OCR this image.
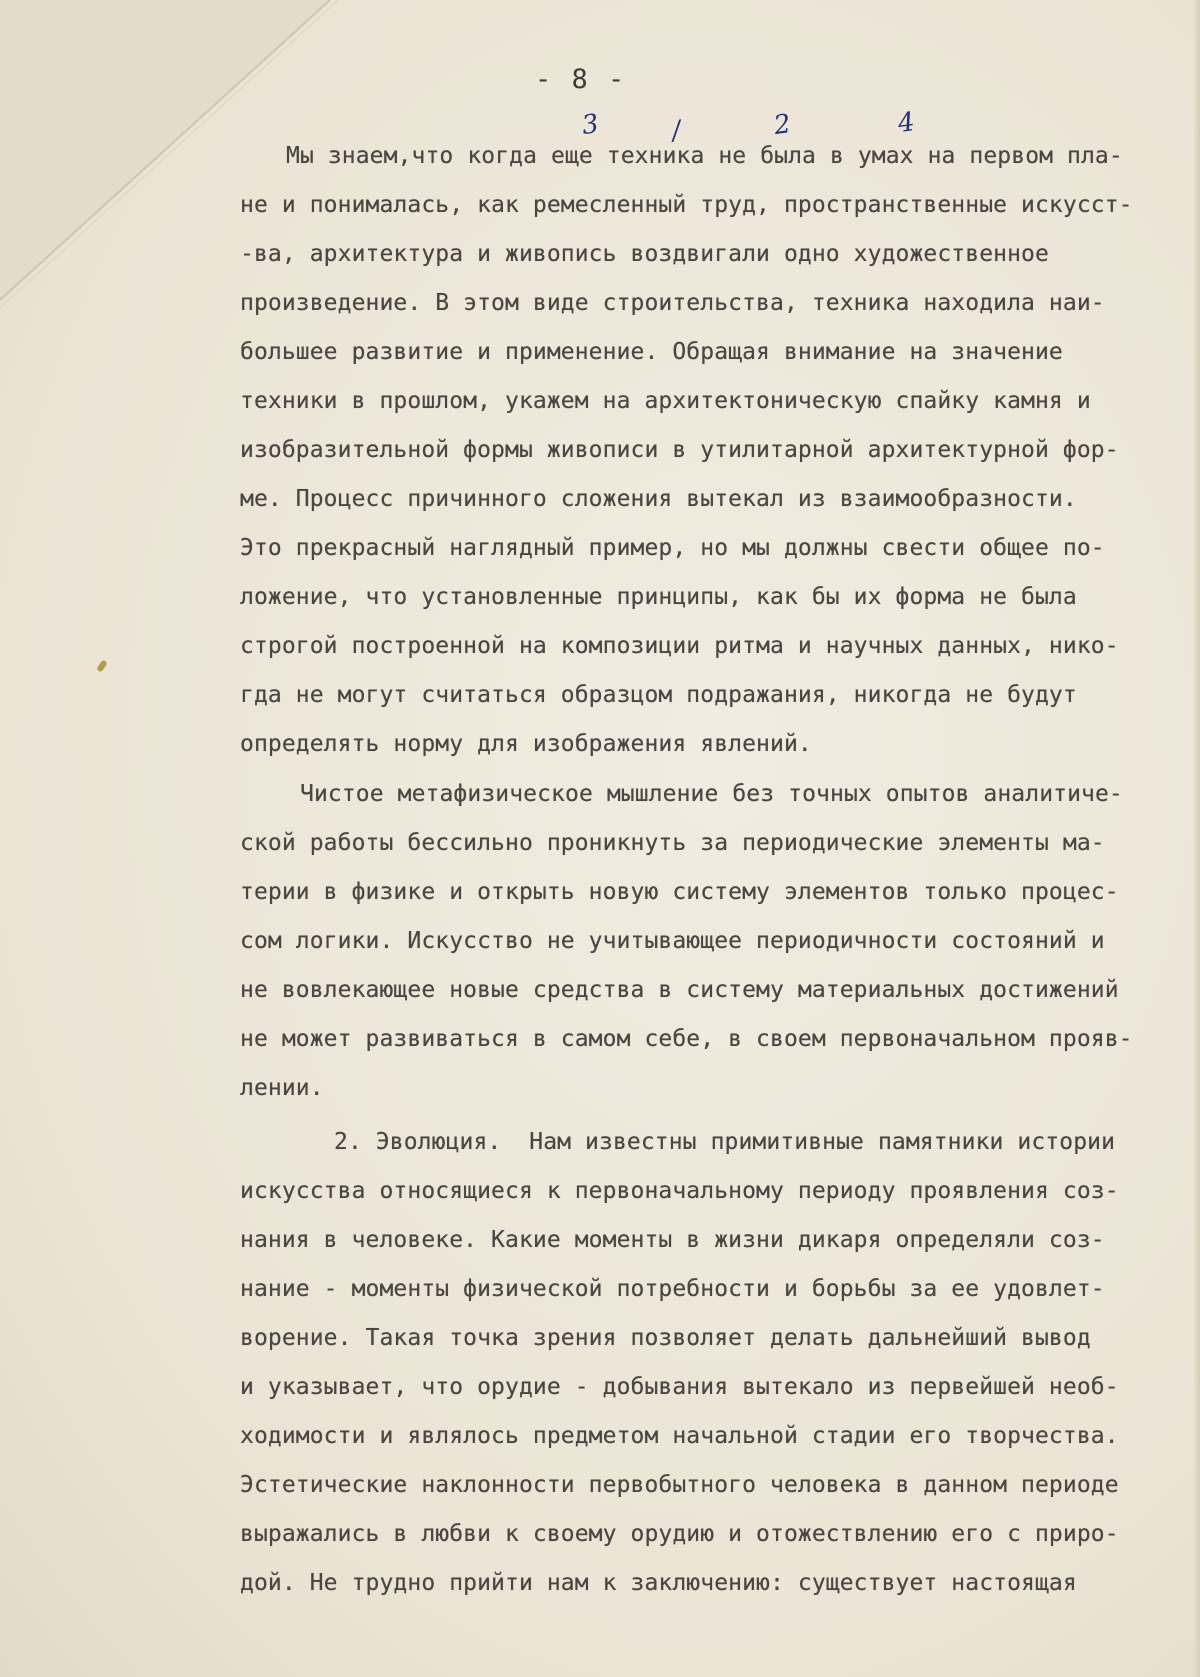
- 8 -
3	/	2	4
Мы знаем,что когда еще техника не была в умах на первом пла-
не и понималась, как ремесленный труд, пространственные искусст-
-ва, архитектура и живопись воздвигали одно художественное
произведение. В этом виде строительства, техника находила наи-
большее развитие и применение. Обращая внимание на значение
техники в прошлом, укажем на архитектоническую спайку камня и
изобразительной формы живописи в утилитарной архитектурной фор-
ме. Процесс причинного сложения вытекал из взаимообразности.
Это прекрасный наглядный пример, но мы должны свести общее по-
ложение, что установленные принципы, как бы их форма не была
строгой построенной на композиции ритма и научных данных, нико-
гда не могут считаться образцом подражания, никогда не будут
определять норму для изображения явлений.
Чистое метафизическое мышление без точных опытов аналитиче-
ской работы бессильно проникнуть за периодические элементы ма-
терии в физике и открыть новую систему элементов только процес-
сом логики. Искусство не учитывающее периодичности состояний и
не вовлекающее новые средства в систему материальных достижений
не может развиваться в самом себе, в своем первоначальном прояв-
лении.
2. Эволюция.  Нам известны примитивные памятники истории
искусства относящиеся к первоначальному периоду проявления соз-
нания в человеке. Какие моменты в жизни дикаря определяли соз-
нание - моменты физической потребности и борьбы за ее удовлет-
ворение. Такая точка зрения позволяет делать дальнейший вывод
и указывает, что орудие - добывания вытекало из первейшей необ-
ходимости и являлось предметом начальной стадии его творчества.
Эстетические наклонности первобытного человека в данном периоде
выражались в любви к своему орудию и отожествлению его с приро-
дой. Не трудно прийти нам к заключению: существует настоящая
